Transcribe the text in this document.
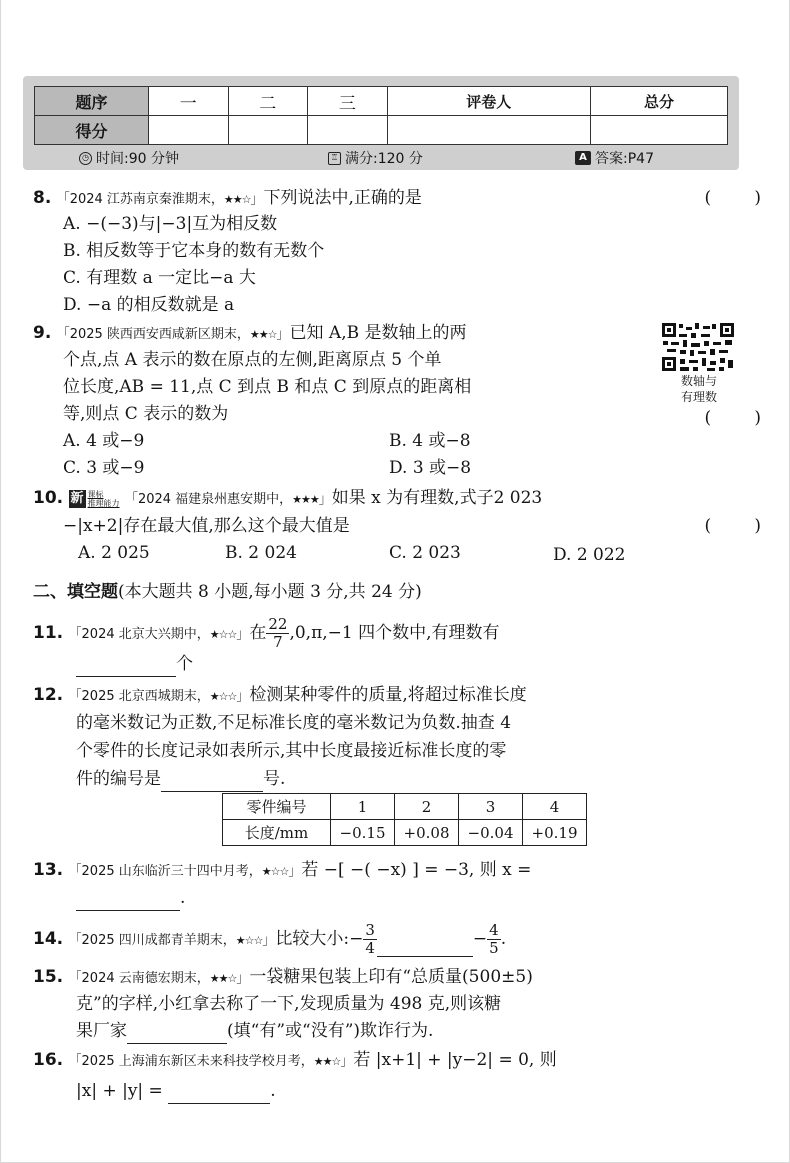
题序	一	二	三	评卷人	总分
得分					
◷ 时间:90 分钟	♖ 满分:120 分	A 答案:P47
8. 「2024 江苏南京秦淮期末，★★☆」下列说法中,正确的是	(        )
A. −(−3)与|−3|互为相反数
B. 相反数等于它本身的数有无数个
C. 有理数 a 一定比−a 大
D. −a 的相反数就是 a
9. 「2025 陕西西安西咸新区期末，★★☆」已知 A,B 是数轴上的两
个点,点 A 表示的数在原点的左侧,距离原点 5 个单
位长度,AB = 11,点 C 到点 B 和点 C 到原点的距离相
等,则点 C 表示的数为
数轴与
有理数
(        )
A. 4 或−9	B. 4 或−8
C. 3 或−9	D. 3 或−8
10. 新 课标
推理能力 「2024 福建泉州惠安期中，★★★」如果 x 为有理数,式子2 023
−|x+2|存在最大值,那么这个最大值是	(        )
A. 2 025	B. 2 024	C. 2 023	D. 2 022
二、填空题(本大题共 8 小题,每小题 3 分,共 24 分)
11. 「2024 北京大兴期中，★☆☆」在 $\frac{22}{7} ,0,\pi,-1$ 四个数中,有理数有
个
12. 「2025 北京西城期末，★☆☆」检测某种零件的质量,将超过标准长度
的毫米数记为正数,不足标准长度的毫米数记为负数.抽查 4
个零件的长度记录如表所示,其中长度最接近标准长度的零
件的编号是	号.
零件编号	1	2	3	4
长度/mm	−0.15	+0.08	−0.04	+0.19
13. 「2025 山东临沂三十四中月考，★☆☆」若 −[ −( −x) ] = −3, 则 x =
.
14. 「2025 四川成都青羊期末，★☆☆」比较大小:− $\frac{3}{4}$	− $\frac{4}{5}$ .
15. 「2024 云南德宏期末，★★☆」一袋糖果包装上印有“总质量(500±5)
克”的字样,小红拿去称了一下,发现质量为 498 克,则该糖
果厂家	(填“有”或“没有”)欺诈行为.
16. 「2025 上海浦东新区未来科技学校月考，★★☆」若 |x+1| + |y−2| = 0, 则
|x| + |y| =	.
